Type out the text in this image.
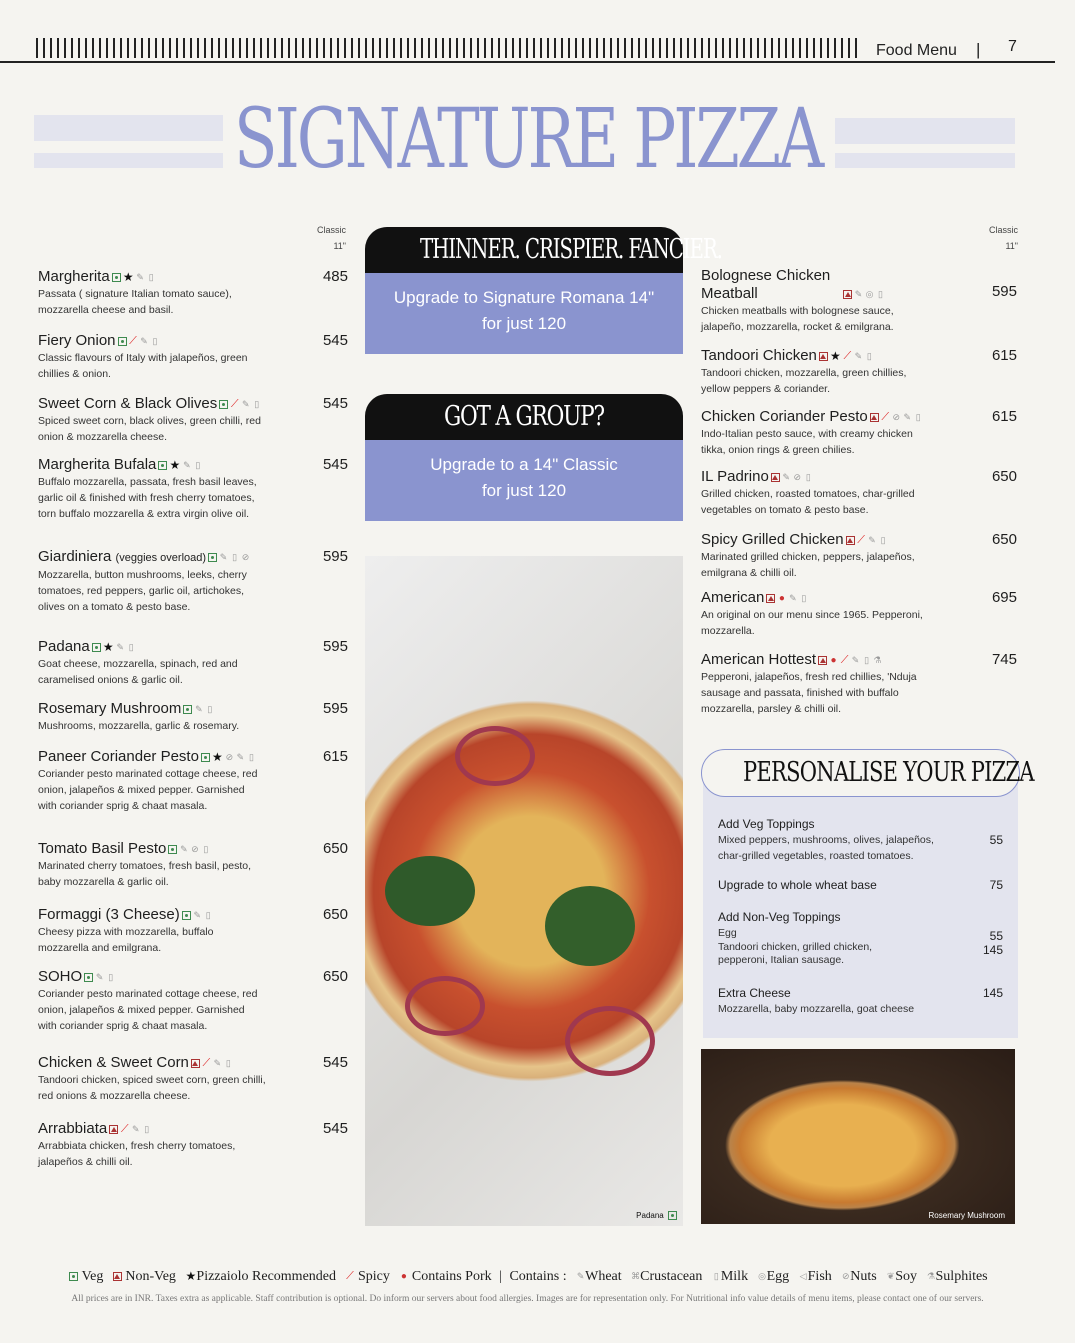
Food Menu | 7
SIGNATURE PIZZA
Classic
11"
Classic
11"
Margherita ★ ✎ ▯
Passata ( signature Italian tomato sauce), mozzarella cheese and basil.
485
Fiery Onion ⟋ ✎ ▯
Classic flavours of Italy with jalapeños, green chillies & onion.
545
Sweet Corn & Black Olives ⟋ ✎ ▯
Spiced sweet corn, black olives, green chilli, red onion & mozzarella cheese.
545
Margherita Bufala ★ ✎ ▯
Buffalo mozzarella, passata, fresh basil leaves, garlic oil & finished with fresh cherry tomatoes, torn buffalo mozzarella & extra virgin olive oil.
545
Giardiniera (veggies overload) ✎ ▯ ⊘
Mozzarella, button mushrooms, leeks, cherry tomatoes, red peppers, garlic oil, artichokes, olives on a tomato & pesto base.
595
Padana ★ ✎ ▯
Goat cheese, mozzarella, spinach, red and caramelised onions & garlic oil.
595
Rosemary Mushroom ✎ ▯
Mushrooms, mozzarella, garlic & rosemary.
595
Paneer Coriander Pesto ★ ⊘ ✎ ▯
Coriander pesto marinated cottage cheese, red onion, jalapeños & mixed pepper. Garnished with coriander sprig & chaat masala.
615
Tomato Basil Pesto ✎ ⊘ ▯
Marinated cherry tomatoes, fresh basil, pesto, baby mozzarella & garlic oil.
650
Formaggi (3 Cheese) ✎ ▯
Cheesy pizza with mozzarella, buffalo mozzarella and emilgrana.
650
SOHO ✎ ▯
Coriander pesto marinated cottage cheese, red onion, jalapeños & mixed pepper. Garnished with coriander sprig & chaat masala.
650
Chicken & Sweet Corn ⟋ ✎ ▯
Tandoori chicken, spiced sweet corn, green chilli, red onions & mozzarella cheese.
545
Arrabbiata ⟋ ✎ ▯
Arrabbiata chicken, fresh cherry tomatoes, jalapeños & chilli oil.
545
Bolognese Chicken Meatball	✎ ◎ ▯
Chicken meatballs with bolognese sauce, jalapeño, mozzarella, rocket & emilgrana.
595
Tandoori Chicken ★ ⟋ ✎ ▯
Tandoori chicken, mozzarella, green chillies, yellow peppers & coriander.
615
Chicken Coriander Pesto ⟋ ⊘ ✎ ▯
Indo-Italian pesto sauce, with creamy chicken tikka, onion rings & green chilies.
615
IL Padrino ✎ ⊘ ▯
Grilled chicken, roasted tomatoes, char-grilled vegetables on tomato & pesto base.
650
Spicy Grilled Chicken ⟋ ✎ ▯
Marinated grilled chicken, peppers, jalapeños, emilgrana & chilli oil.
650
American ● ✎ ▯
An original on our menu since 1965. Pepperoni, mozzarella.
695
American Hottest ● ⟋ ✎ ▯ ⚗
Pepperoni, jalapeños, fresh red chillies, 'Nduja sausage and passata, finished with buffalo mozzarella, parsley & chilli oil.
745
THINNER. CRISPIER. FANCIER.
Upgrade to Signature Romana 14"
for just 120
GOT A GROUP?
Upgrade to a 14" Classic
for just 120
Padana
PERSONALISE YOUR PIZZA
Add Veg Toppings
Mixed peppers, mushrooms, olives, jalapeños, char-grilled vegetables, roasted tomatoes.
55
Upgrade to whole wheat base	75
Add Non-Veg Toppings
Egg	55
Tandoori chicken, grilled chicken, pepperoni, Italian sausage.
145
Extra Cheese
Mozzarella, baby mozzarella, goat cheese
145
Rosemary Mushroom
Veg Non-Veg ★Pizzaiolo Recommended ⟋ Spicy ● Contains Pork | Contains : ✎Wheat ⌘Crustacean ▯ Milk ◎Egg ◁Fish ⊘Nuts ❦Soy ⚗Sulphites
All prices are in INR. Taxes extra as applicable. Staff contribution is optional. Do inform our servers about food allergies. Images are for representation only. For Nutritional info value details of menu items, please contact one of our servers.
